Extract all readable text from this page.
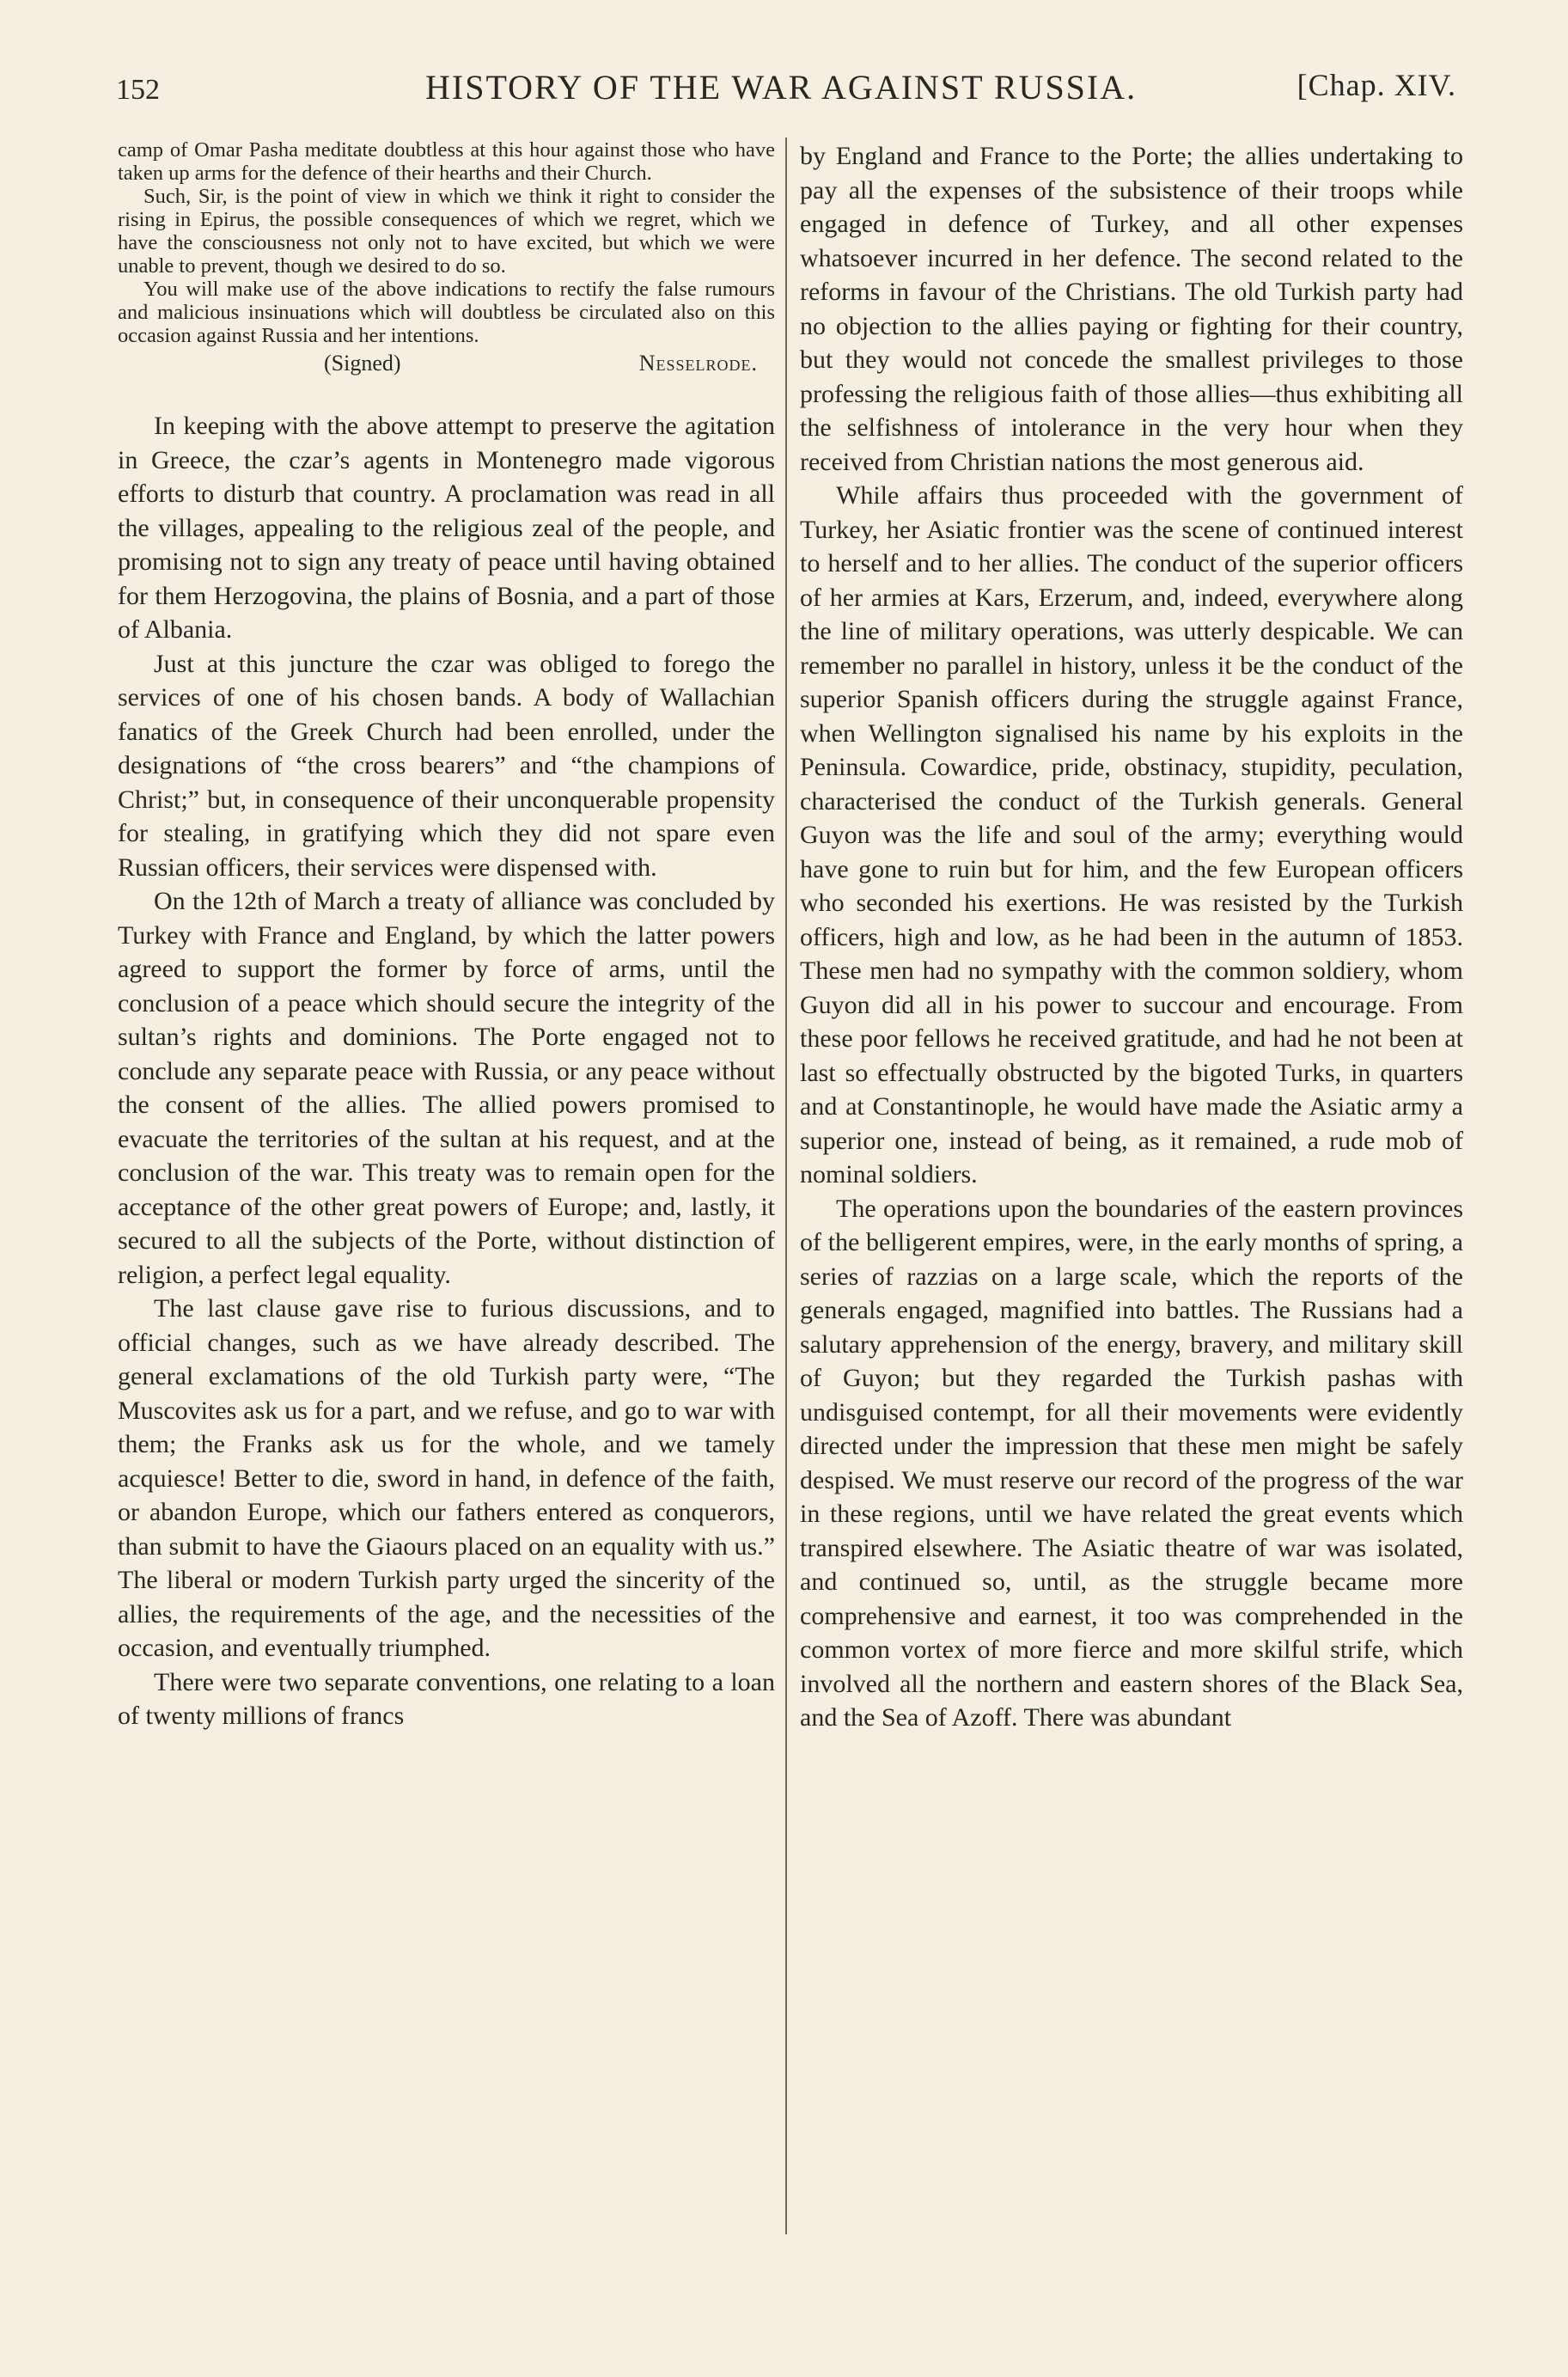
152	HISTORY OF THE WAR AGAINST RUSSIA.	[Chap. XIV.

camp of Omar Pasha meditate doubtless at this hour against those who have taken up arms for the defence of their hearths and their Church.

Such, Sir, is the point of view in which we think it right to consider the rising in Epirus, the possible consequences of which we regret, which we have the consciousness not only not to have excited, but which we were unable to prevent, though we desired to do so.

You will make use of the above indications to rectify the false rumours and malicious insinuations which will doubtless be circulated also on this occasion against Russia and her intentions.

(Signed)	Nesselrode.

In keeping with the above attempt to preserve the agitation in Greece, the czar’s agents in Montenegro made vigorous efforts to disturb that country. A proclamation was read in all the villages, appealing to the religious zeal of the people, and promising not to sign any treaty of peace until having obtained for them Herzogovina, the plains of Bosnia, and a part of those of Albania.

Just at this juncture the czar was obliged to forego the services of one of his chosen bands. A body of Wallachian fanatics of the Greek Church had been enrolled, under the designations of “the cross bearers” and “the champions of Christ;” but, in consequence of their unconquerable propensity for stealing, in gratifying which they did not spare even Russian officers, their services were dispensed with.

On the 12th of March a treaty of alliance was concluded by Turkey with France and England, by which the latter powers agreed to support the former by force of arms, until the conclusion of a peace which should secure the integrity of the sultan’s rights and dominions. The Porte engaged not to conclude any separate peace with Russia, or any peace without the consent of the allies. The allied powers promised to evacuate the territories of the sultan at his request, and at the conclusion of the war. This treaty was to remain open for the acceptance of the other great powers of Europe; and, lastly, it secured to all the subjects of the Porte, without distinction of religion, a perfect legal equality.

The last clause gave rise to furious discussions, and to official changes, such as we have already described. The general exclamations of the old Turkish party were, “The Muscovites ask us for a part, and we refuse, and go to war with them; the Franks ask us for the whole, and we tamely acquiesce! Better to die, sword in hand, in defence of the faith, or abandon Europe, which our fathers entered as conquerors, than submit to have the Giaours placed on an equality with us.” The liberal or modern Turkish party urged the sincerity of the allies, the requirements of the age, and the necessities of the occasion, and eventually triumphed.

There were two separate conventions, one relating to a loan of twenty millions of francs

by England and France to the Porte; the allies undertaking to pay all the expenses of the subsistence of their troops while engaged in defence of Turkey, and all other expenses whatsoever incurred in her defence. The second related to the reforms in favour of the Christians. The old Turkish party had no objection to the allies paying or fighting for their country, but they would not concede the smallest privileges to those professing the religious faith of those allies—thus exhibiting all the selfishness of intolerance in the very hour when they received from Christian nations the most generous aid.

While affairs thus proceeded with the government of Turkey, her Asiatic frontier was the scene of continued interest to herself and to her allies. The conduct of the superior officers of her armies at Kars, Erzerum, and, indeed, everywhere along the line of military operations, was utterly despicable. We can remember no parallel in history, unless it be the conduct of the superior Spanish officers during the struggle against France, when Wellington signalised his name by his exploits in the Peninsula. Cowardice, pride, obstinacy, stupidity, peculation, characterised the conduct of the Turkish generals. General Guyon was the life and soul of the army; everything would have gone to ruin but for him, and the few European officers who seconded his exertions. He was resisted by the Turkish officers, high and low, as he had been in the autumn of 1853. These men had no sympathy with the common soldiery, whom Guyon did all in his power to succour and encourage. From these poor fellows he received gratitude, and had he not been at last so effectually obstructed by the bigoted Turks, in quarters and at Constantinople, he would have made the Asiatic army a superior one, instead of being, as it remained, a rude mob of nominal soldiers.

The operations upon the boundaries of the eastern provinces of the belligerent empires, were, in the early months of spring, a series of razzias on a large scale, which the reports of the generals engaged, magnified into battles. The Russians had a salutary apprehension of the energy, bravery, and military skill of Guyon; but they regarded the Turkish pashas with undisguised contempt, for all their movements were evidently directed under the impression that these men might be safely despised. We must reserve our record of the progress of the war in these regions, until we have related the great events which transpired elsewhere. The Asiatic theatre of war was isolated, and continued so, until, as the struggle became more comprehensive and earnest, it too was comprehended in the common vortex of more fierce and more skilful strife, which involved all the northern and eastern shores of the Black Sea, and the Sea of Azoff. There was abundant
